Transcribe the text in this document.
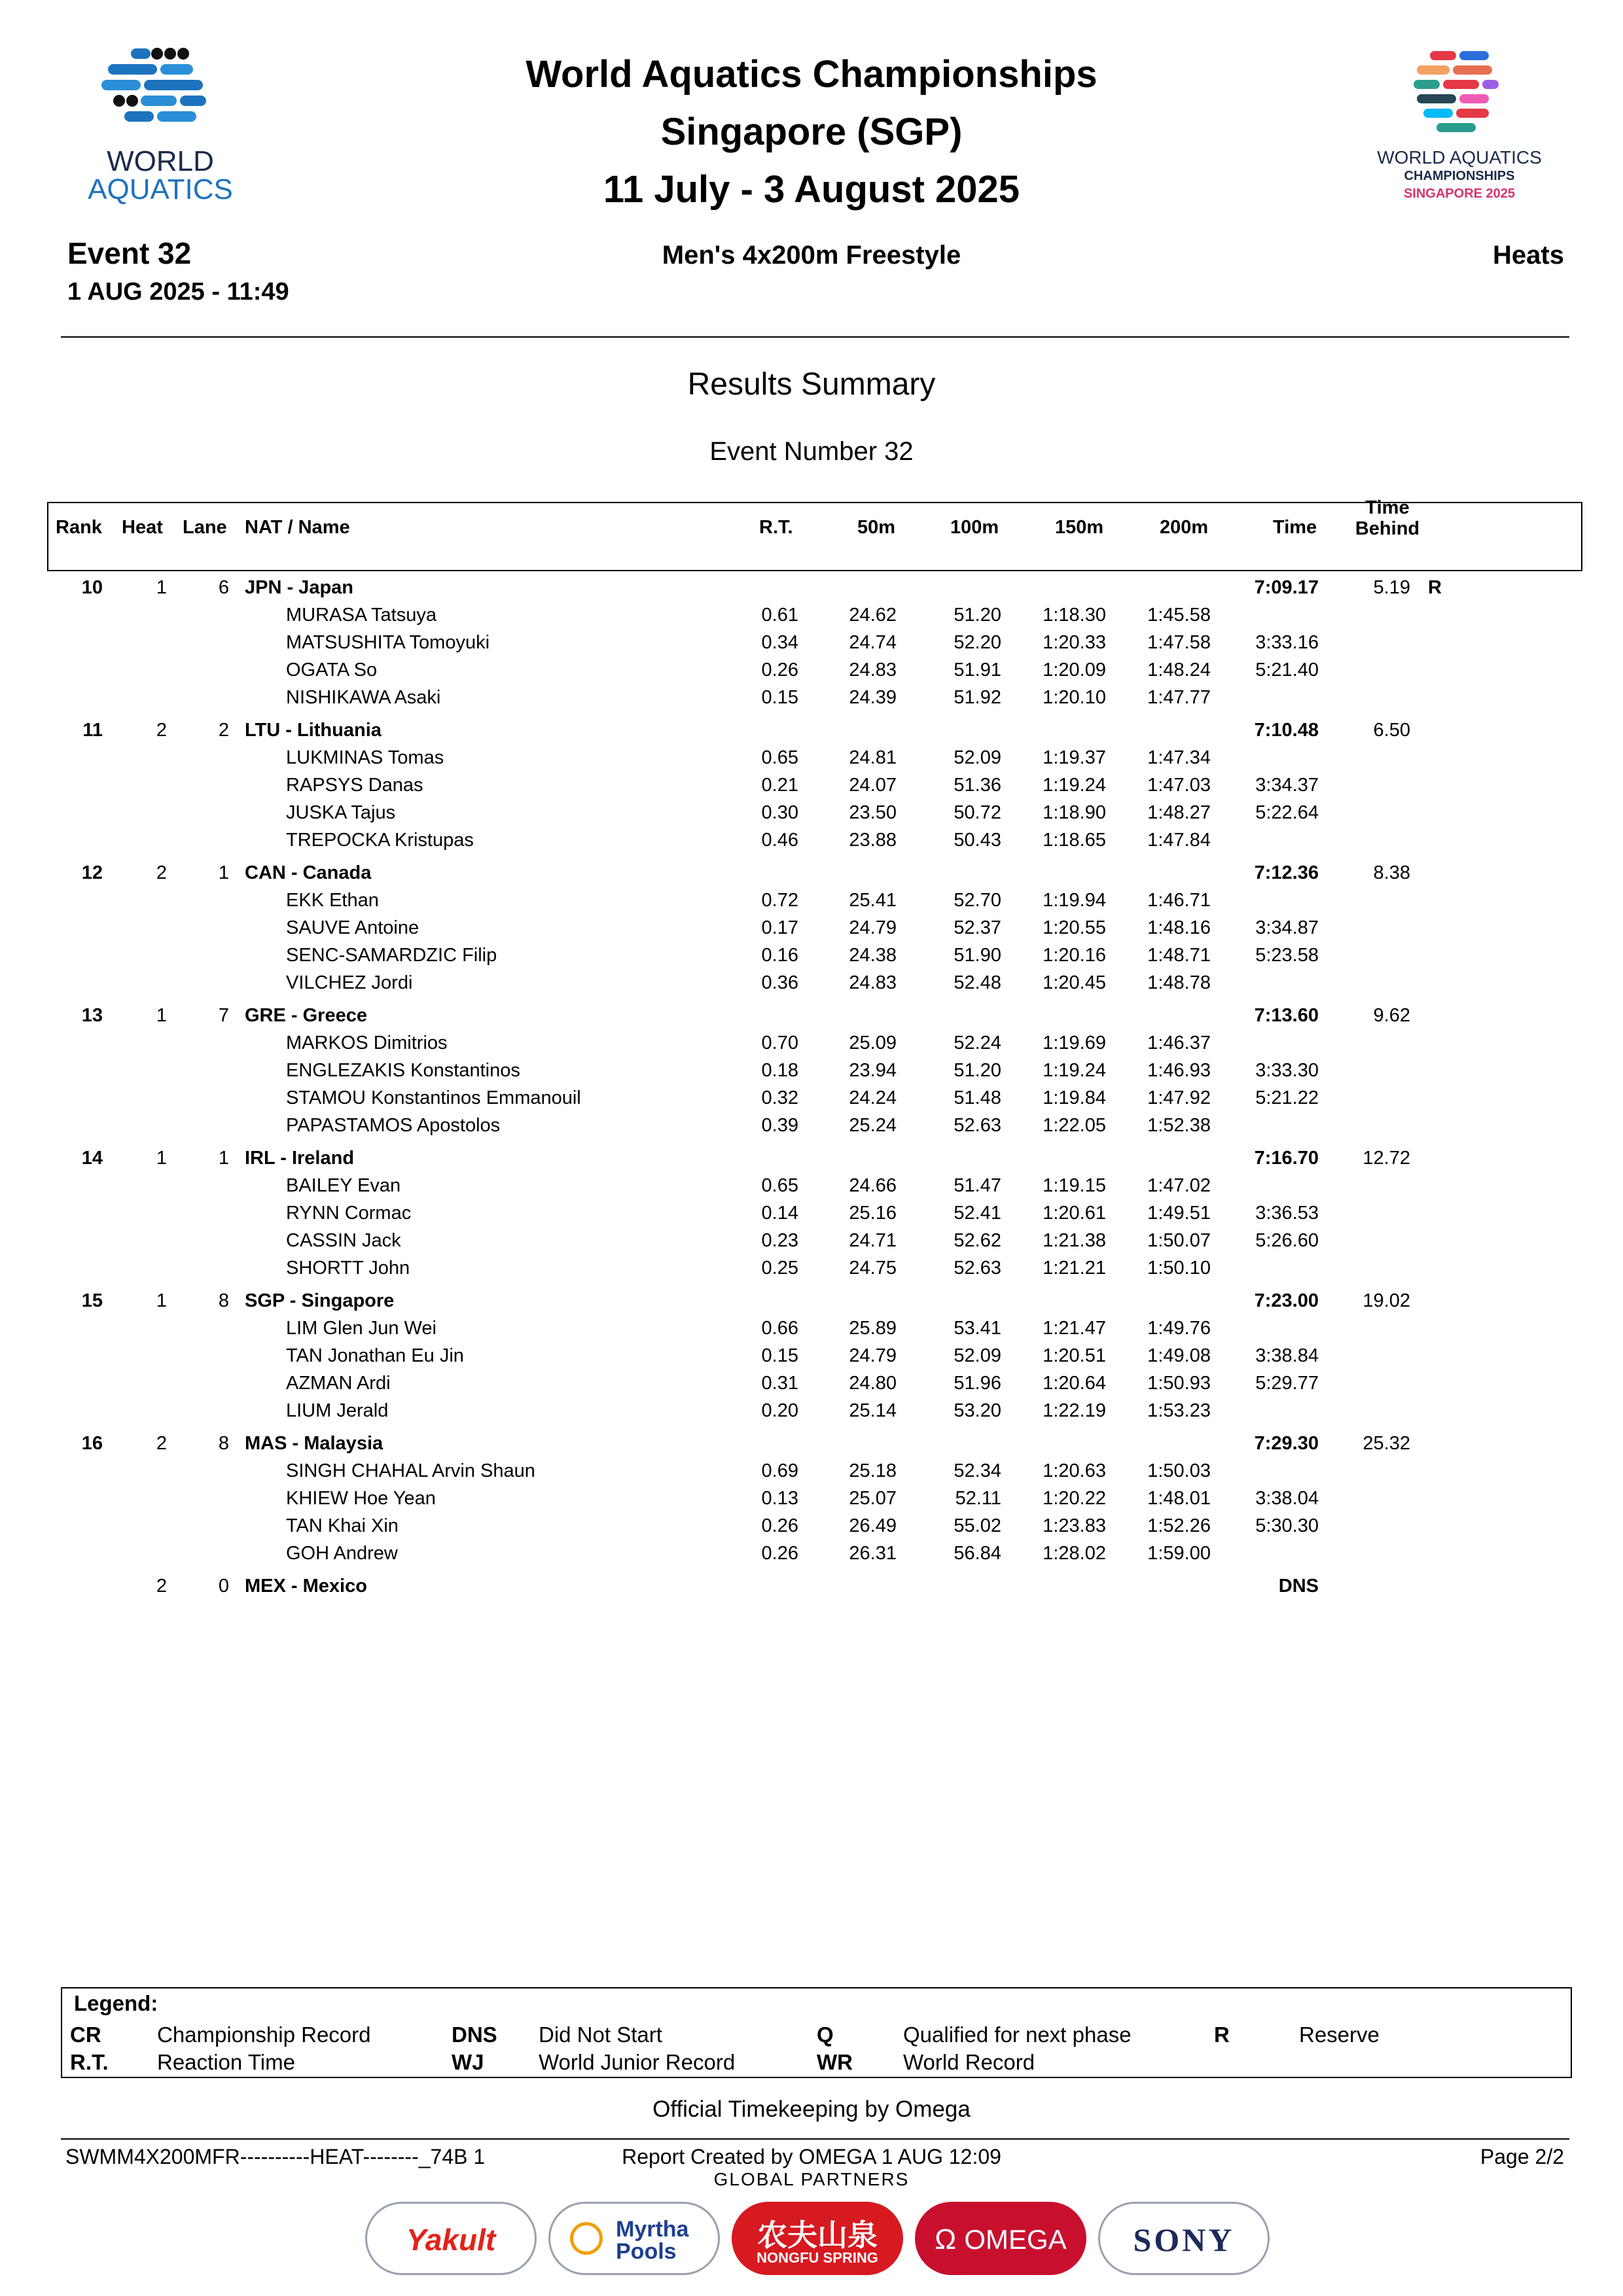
WORLD
AQUATICS
World Aquatics Championships
Singapore (SGP)
11 July - 3 August 2025
WORLD AQUATICS
CHAMPIONSHIPS
SINGAPORE 2025
Event 32
1 AUG 2025 - 11:49
Men's 4x200m Freestyle	Heats
Results Summary
Event Number 32
Rank Heat Lane NAT / Name	R.T.	50m	100m	150m	200m	Time
Time
Behind
10	1	6 JPN - Japan	7:09.17	5.19 R
MURASA Tatsuya	0.61	24.62	51.20	1:18.30	1:45.58
MATSUSHITA Tomoyuki	0.34	24.74	52.20	1:20.33	1:47.58	3:33.16
OGATA So	0.26	24.83	51.91	1:20.09	1:48.24	5:21.40
NISHIKAWA Asaki	0.15	24.39	51.92	1:20.10	1:47.77
11	2	2 LTU - Lithuania	7:10.48	6.50
LUKMINAS Tomas	0.65	24.81	52.09	1:19.37	1:47.34
RAPSYS Danas	0.21	24.07	51.36	1:19.24	1:47.03	3:34.37
JUSKA Tajus	0.30	23.50	50.72	1:18.90	1:48.27	5:22.64
TREPOCKA Kristupas	0.46	23.88	50.43	1:18.65	1:47.84
12	2	1 CAN - Canada	7:12.36	8.38
EKK Ethan	0.72	25.41	52.70	1:19.94	1:46.71
SAUVE Antoine	0.17	24.79	52.37	1:20.55	1:48.16	3:34.87
SENC-SAMARDZIC Filip	0.16	24.38	51.90	1:20.16	1:48.71	5:23.58
VILCHEZ Jordi	0.36	24.83	52.48	1:20.45	1:48.78
13	1	7 GRE - Greece	7:13.60	9.62
MARKOS Dimitrios	0.70	25.09	52.24	1:19.69	1:46.37
ENGLEZAKIS Konstantinos	0.18	23.94	51.20	1:19.24	1:46.93	3:33.30
STAMOU Konstantinos Emmanouil	0.32	24.24	51.48	1:19.84	1:47.92	5:21.22
PAPASTAMOS Apostolos	0.39	25.24	52.63	1:22.05	1:52.38
14	1	1 IRL - Ireland	7:16.70	12.72
BAILEY Evan	0.65	24.66	51.47	1:19.15	1:47.02
RYNN Cormac	0.14	25.16	52.41	1:20.61	1:49.51	3:36.53
CASSIN Jack	0.23	24.71	52.62	1:21.38	1:50.07	5:26.60
SHORTT John	0.25	24.75	52.63	1:21.21	1:50.10
15	1	8 SGP - Singapore	7:23.00	19.02
LIM Glen Jun Wei	0.66	25.89	53.41	1:21.47	1:49.76
TAN Jonathan Eu Jin	0.15	24.79	52.09	1:20.51	1:49.08	3:38.84
AZMAN Ardi	0.31	24.80	51.96	1:20.64	1:50.93	5:29.77
LIUM Jerald	0.20	25.14	53.20	1:22.19	1:53.23
16	2	8 MAS - Malaysia	7:29.30	25.32
SINGH CHAHAL Arvin Shaun	0.69	25.18	52.34	1:20.63	1:50.03
KHIEW Hoe Yean	0.13	25.07	52.11	1:20.22	1:48.01	3:38.04
TAN Khai Xin	0.26	26.49	55.02	1:23.83	1:52.26	5:30.30
GOH Andrew	0.26	26.31	56.84	1:28.02	1:59.00
2	0 MEX - Mexico	DNS
Legend:
CR	Championship Record	DNS Did Not Start	Q	Qualified for next phase	R	Reserve
R.T. Reaction Time	WJ	World Junior Record	WR World Record
Official Timekeeping by Omega
SWMM4X200MFR----------HEAT--------_74B 1	Report Created by OMEGA 1 AUG 12:09	Page 2/2
GLOBAL PARTNERS
Yakult	Myrtha Pools	农夫山泉
NONGFU SPRING
Ω OMEGA	SONY
